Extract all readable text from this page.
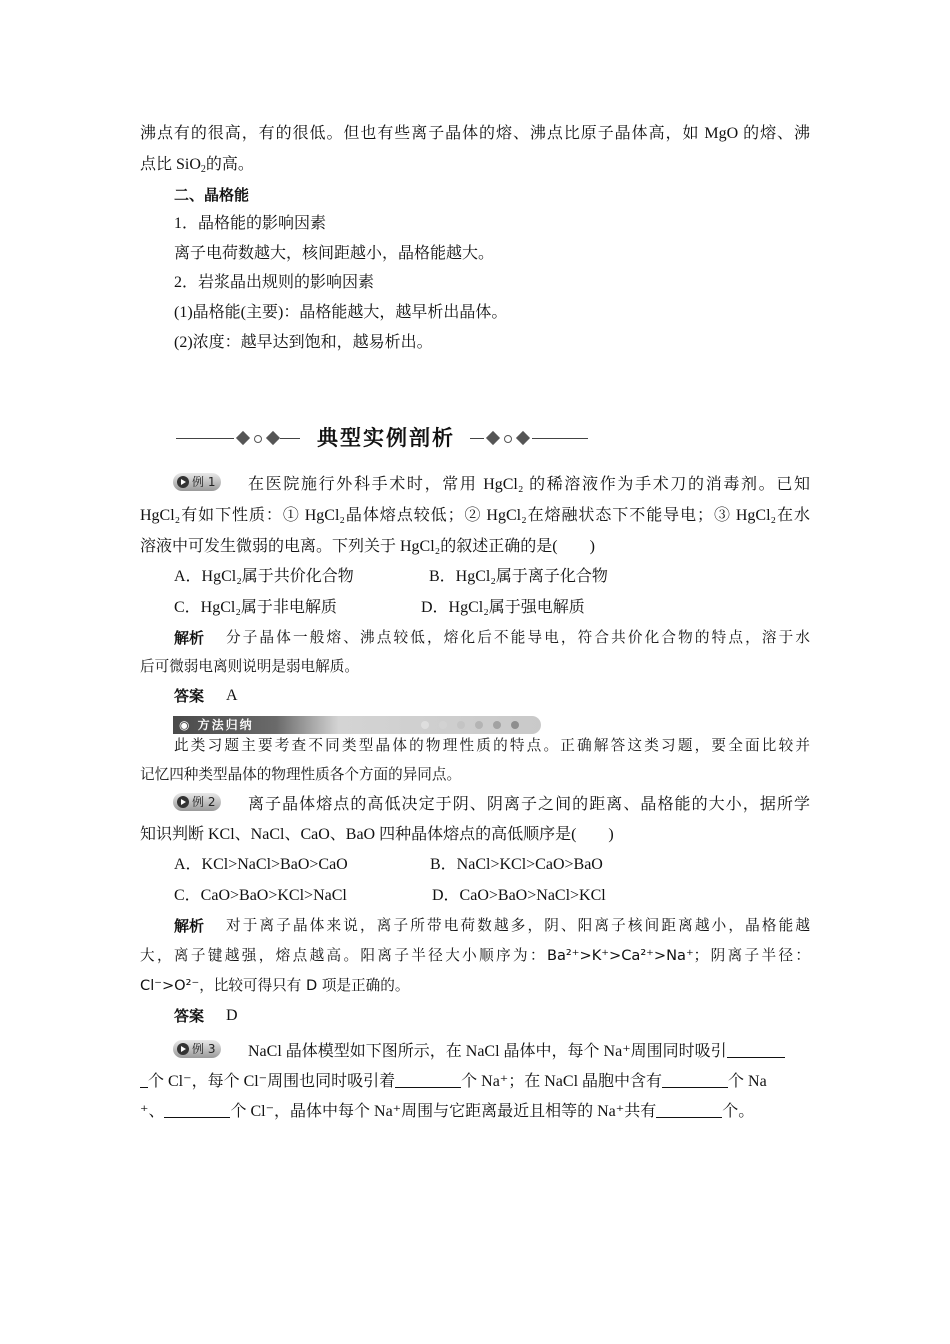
沸点有的很高，有的很低。但也有些离子晶体的熔、沸点比原子晶体高，如 MgO 的熔、沸
点比 SiO$_2$的高。
二、晶格能
1．晶格能的影响因素
离子电荷数越大，核间距越小，晶格能越大。
2．岩浆晶出规则的影响因素
(1)晶格能(主要)：晶格能越大，越早析出晶体。
(2)浓度：越早达到饱和，越易析出。
典型实例剖析
例 1	在医院施行外科手术时，常用 HgCl₂ 的稀溶液作为手术刀的消毒剂。已知
HgCl₂有如下性质：① HgCl₂晶体熔点较低；② HgCl₂在熔融状态下不能导电；③ HgCl₂在水
溶液中可发生微弱的电离。下列关于 HgCl₂的叙述正确的是(　　)
A．HgCl₂属于共价化合物	B．HgCl₂属于离子化合物
C．HgCl₂属于非电解质	D．HgCl₂属于强电解质
解析 分子晶体一般熔、沸点较低，熔化后不能导电，符合共价化合物的特点，溶于水
后可微弱电离则说明是弱电解质。
答案 A
◉ 方法归纳
此类习题主要考查不同类型晶体的物理性质的特点。正确解答这类习题，要全面比较并
记忆四种类型晶体的物理性质各个方面的异同点。
例 2	离子晶体熔点的高低决定于阴、阴离子之间的距离、晶格能的大小，据所学
知识判断 KCl、NaCl、CaO、BaO 四种晶体熔点的高低顺序是(　　)
A．KCl>NaCl>BaO>CaO	B．NaCl>KCl>CaO>BaO
C．CaO>BaO>KCl>NaCl	D．CaO>BaO>NaCl>KCl
解析 对于离子晶体来说，离子所带电荷数越多，阴、阳离子核间距离越小，晶格能越
大，离子键越强，熔点越高。阳离子半径大小顺序为：Ba²⁺>K⁺>Ca²⁺>Na⁺；阴离子半径：
Cl⁻>O²⁻，比较可得只有 D 项是正确的。
答案 D
例 3	NaCl 晶体模型如下图所示，在 NaCl 晶体中，每个 Na⁺周围同时吸引
个 Cl⁻，每个 Cl⁻周围也同时吸引着	个 Na⁺；在 NaCl 晶胞中含有	个 Na
⁺、	个 Cl⁻，晶体中每个 Na⁺周围与它距离最近且相等的 Na⁺共有	个。
